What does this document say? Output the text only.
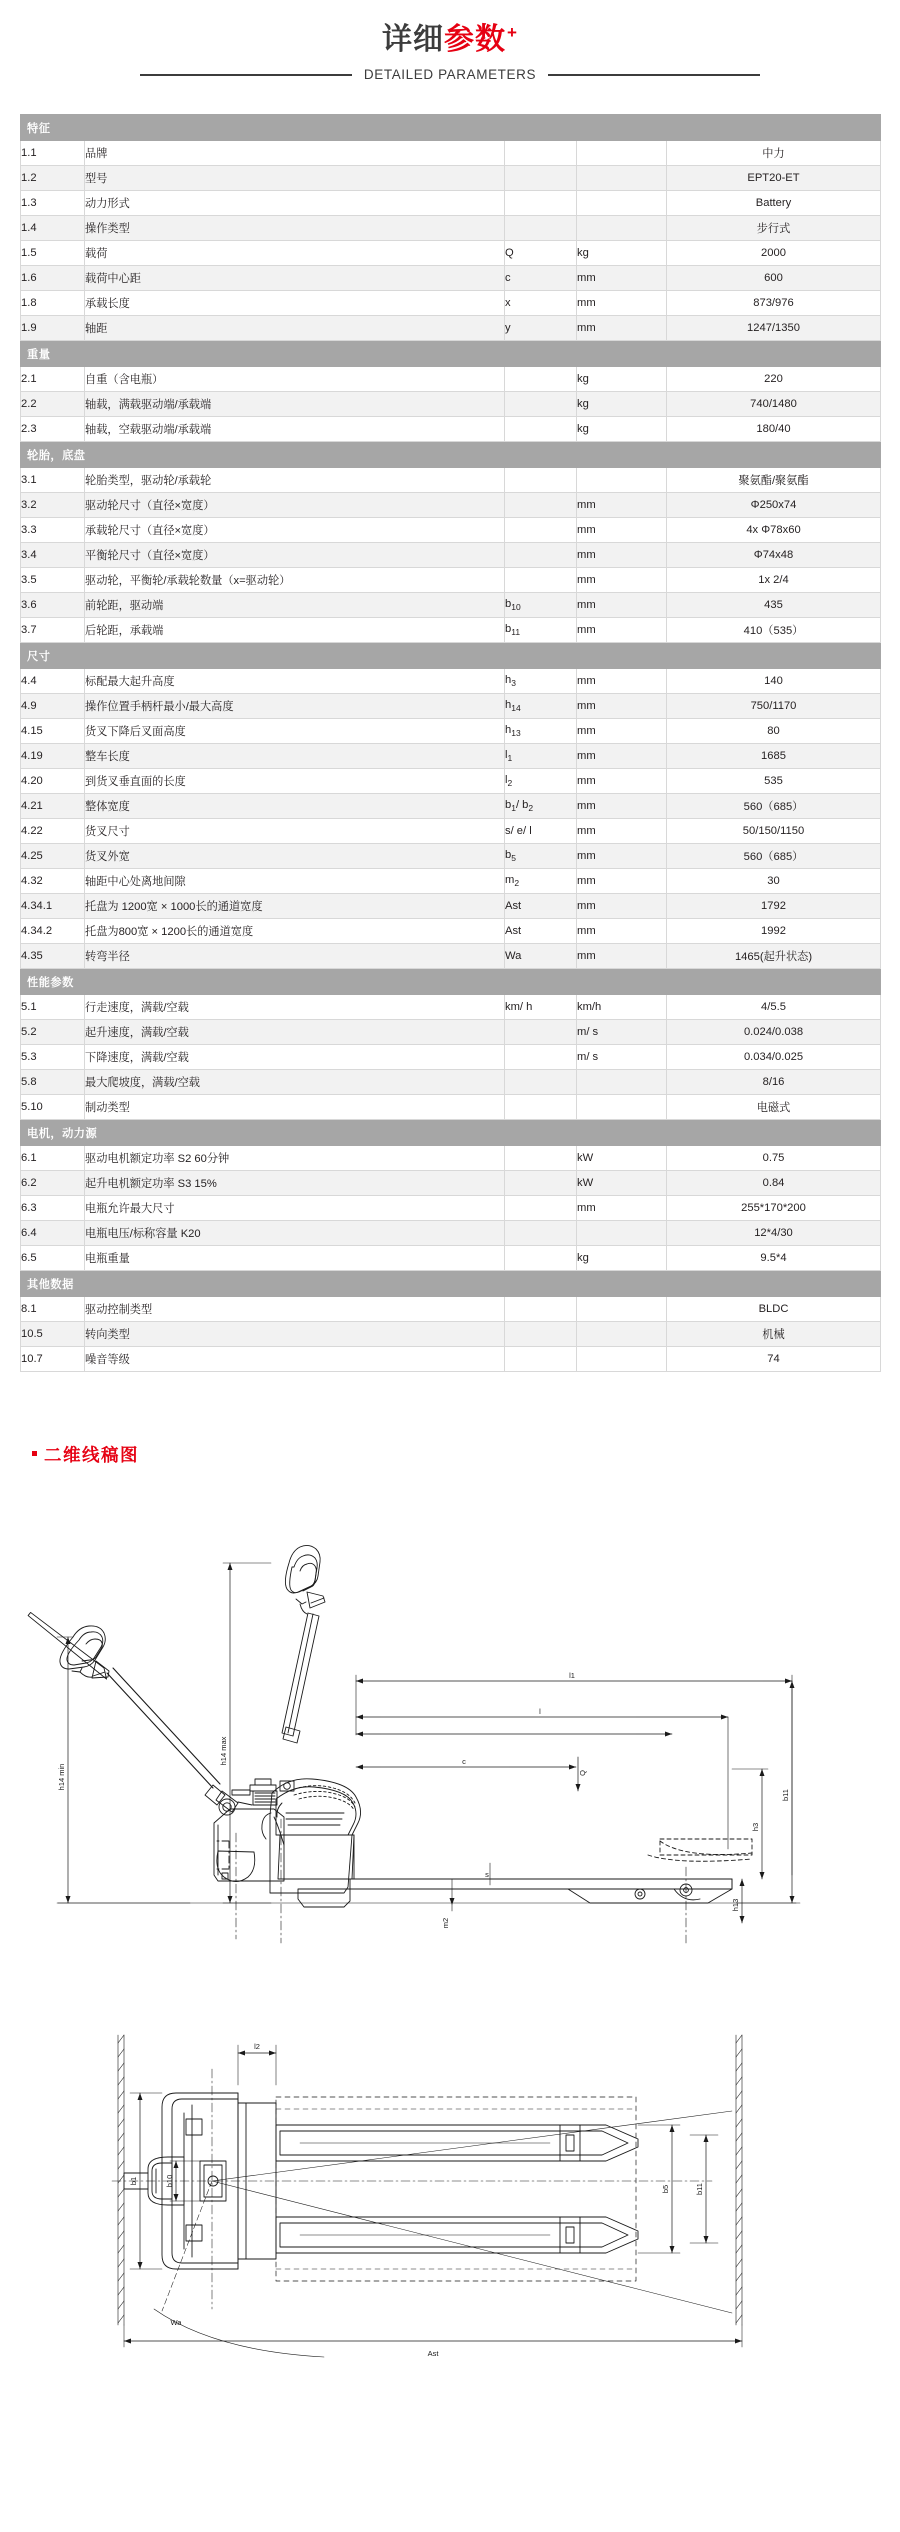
详细参数+
DETAILED PARAMETERS
特征				
1.1	品牌			中力
1.2	型号			EPT20-ET
1.3	动力形式			Battery
1.4	操作类型			步行式
1.5	载荷	Q	kg	2000
1.6	载荷中心距	c	mm	600
1.8	承载长度	x	mm	873/976
1.9	轴距	y	mm	1247/1350
重量				
2.1	自重（含电瓶）		kg	220
2.2	轴载，满载驱动端/承载端		kg	740/1480
2.3	轴载，空载驱动端/承载端		kg	180/40
轮胎，底盘				
3.1	轮胎类型，驱动轮/承载轮			聚氨酯/聚氨酯
3.2	驱动轮尺寸（直径×宽度）		mm	Φ250x74
3.3	承载轮尺寸（直径×宽度）		mm	4x Φ78x60
3.4	平衡轮尺寸（直径×宽度）		mm	Φ74x48
3.5	驱动轮，平衡轮/承载轮数量（x=驱动轮）		mm	1x 2/4
3.6	前轮距，驱动端	$b_{10}$	mm	435
3.7	后轮距，承载端	$b_{11}$	mm	410（535）
尺寸				
4.4	标配最大起升高度	$h_3$	mm	140
4.9	操作位置手柄杆最小/最大高度	$h_{14}$	mm	750/1170
4.15	货叉下降后叉面高度	$h_{13}$	mm	80
4.19	整车长度	$l_1$	mm	1685
4.20	到货叉垂直面的长度	$l_2$	mm	535
4.21	整体宽度	$b_1/$ $b_2$	mm	560（685）
4.22	货叉尺寸	s/ e/ l	mm	50/150/1150
4.25	货叉外宽	$b_5$	mm	560（685）
4.32	轴距中心处离地间隙	$m_2$	mm	30
4.34.1	托盘为 1200宽 × 1000长的通道宽度	Ast	mm	1792
4.34.2	托盘为800宽 × 1200长的通道宽度	Ast	mm	1992
4.35	转弯半径	Wa	mm	1465(起升状态)
性能参数				
5.1	行走速度，满载/空载	km/ h	km/h	4/5.5
5.2	起升速度，满载/空载		m/ s	0.024/0.038
5.3	下降速度，满载/空载		m/ s	0.034/0.025
5.8	最大爬坡度，满载/空载			8/16
5.10	制动类型			电磁式
电机，动力源				
6.1	驱动电机额定功率 S2 60分钟		kW	0.75
6.2	起升电机额定功率 S3 15%		kW	0.84
6.3	电瓶允许最大尺寸		mm	255*170*200
6.4	电瓶电压/标称容量 K20			12*4/30
6.5	电瓶重量		kg	9.5*4
其他数据				
8.1	驱动控制类型			BLDC
10.5	转向类型			机械
10.7	噪音等级			74
二维线稿图
h14 max
h14 min
l1
l
c
Q
b11
h3
h13
m2
s
l2
Ast
b1	b10
b5	b11
Wa
